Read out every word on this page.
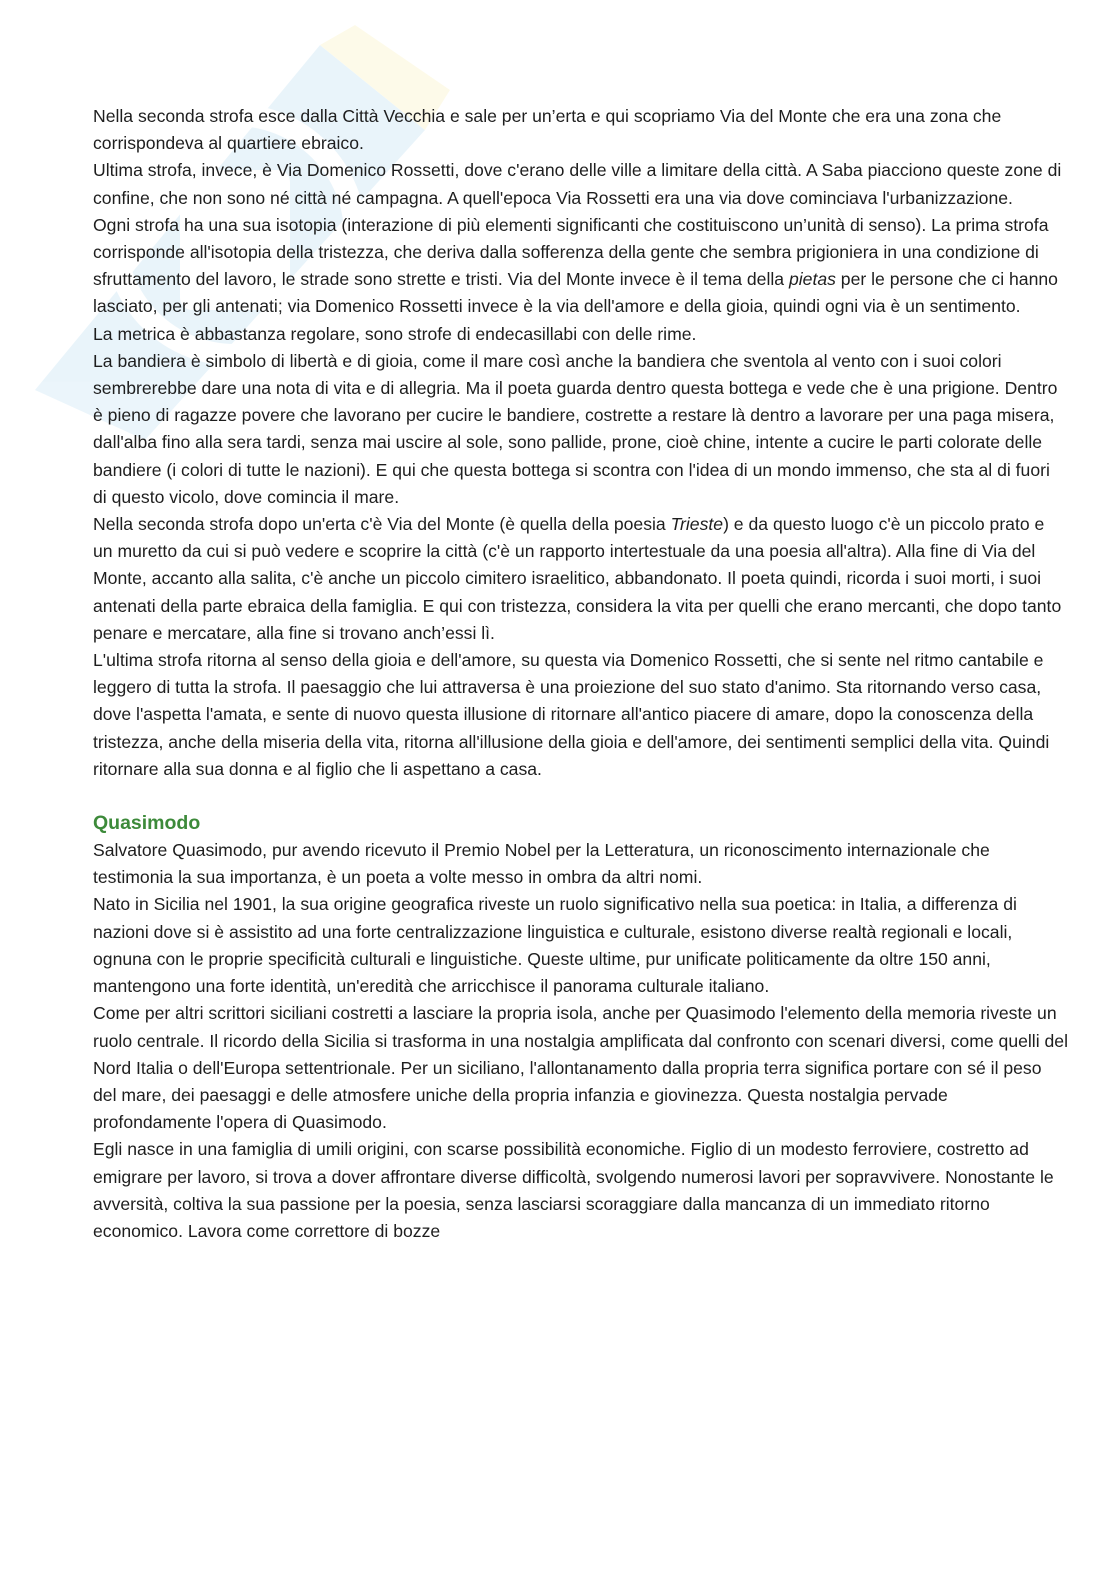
Nella seconda strofa esce dalla Città Vecchia e sale per un’erta e qui scopriamo Via del Monte che era una zona che corrispondeva al quartiere ebraico.

Ultima strofa, invece, è Via Domenico Rossetti, dove c'erano delle ville a limitare della città. A Saba piacciono queste zone di confine, che non sono né città né campagna. A quell'epoca Via Rossetti era una via dove cominciava l'urbanizzazione.

Ogni strofa ha una sua isotopia (interazione di più elementi significanti che costituiscono un’unità di senso). La prima strofa corrisponde all'isotopia della tristezza, che deriva dalla sofferenza della gente che sembra prigioniera in una condizione di sfruttamento del lavoro, le strade sono strette e tristi. Via del Monte invece è il tema della pietas per le persone che ci hanno lasciato, per gli antenati; via Domenico Rossetti invece è la via dell'amore e della gioia, quindi ogni via è un sentimento.

La metrica è abbastanza regolare, sono strofe di endecasillabi con delle rime.

La bandiera è simbolo di libertà e di gioia, come il mare così anche la bandiera che sventola al vento con i suoi colori sembrerebbe dare una nota di vita e di allegria. Ma il poeta guarda dentro questa bottega e vede che è una prigione. Dentro è pieno di ragazze povere che lavorano per cucire le bandiere, costrette a restare là dentro a lavorare per una paga misera, dall'alba fino alla sera tardi, senza mai uscire al sole, sono pallide, prone, cioè chine, intente a cucire le parti colorate delle bandiere (i colori di tutte le nazioni). E qui che questa bottega si scontra con l'idea di un mondo immenso, che sta al di fuori di questo vicolo, dove comincia il mare.

Nella seconda strofa dopo un'erta c'è Via del Monte (è quella della poesia Trieste) e da questo luogo c'è un piccolo prato e un muretto da cui si può vedere e scoprire la città (c'è un rapporto intertestuale da una poesia all'altra). Alla fine di Via del Monte, accanto alla salita, c'è anche un piccolo cimitero israelitico, abbandonato. Il poeta quindi, ricorda i suoi morti, i suoi antenati della parte ebraica della famiglia. E qui con tristezza, considera la vita per quelli che erano mercanti, che dopo tanto penare e mercatare, alla fine si trovano anch’essi lì.

L'ultima strofa ritorna al senso della gioia e dell'amore, su questa via Domenico Rossetti, che si sente nel ritmo cantabile e leggero di tutta la strofa. Il paesaggio che lui attraversa è una proiezione del suo stato d'animo. Sta ritornando verso casa, dove l'aspetta l'amata, e sente di nuovo questa illusione di ritornare all'antico piacere di amare, dopo la conoscenza della tristezza, anche della miseria della vita, ritorna all'illusione della gioia e dell'amore, dei sentimenti semplici della vita. Quindi ritornare alla sua donna e al figlio che li aspettano a casa.

Quasimodo

Salvatore Quasimodo, pur avendo ricevuto il Premio Nobel per la Letteratura, un riconoscimento internazionale che testimonia la sua importanza, è un poeta a volte messo in ombra da altri nomi.

Nato in Sicilia nel 1901, la sua origine geografica riveste un ruolo significativo nella sua poetica: in Italia, a differenza di nazioni dove si è assistito ad una forte centralizzazione linguistica e culturale, esistono diverse realtà regionali e locali, ognuna con le proprie specificità culturali e linguistiche. Queste ultime, pur unificate politicamente da oltre 150 anni, mantengono una forte identità, un'eredità che arricchisce il panorama culturale italiano.

Come per altri scrittori siciliani costretti a lasciare la propria isola, anche per Quasimodo l'elemento della memoria riveste un ruolo centrale. Il ricordo della Sicilia si trasforma in una nostalgia amplificata dal confronto con scenari diversi, come quelli del Nord Italia o dell'Europa settentrionale. Per un siciliano, l'allontanamento dalla propria terra significa portare con sé il peso del mare, dei paesaggi e delle atmosfere uniche della propria infanzia e giovinezza. Questa nostalgia pervade profondamente l'opera di Quasimodo.

Egli nasce in una famiglia di umili origini, con scarse possibilità economiche. Figlio di un modesto ferroviere, costretto ad emigrare per lavoro, si trova a dover affrontare diverse difficoltà, svolgendo numerosi lavori per sopravvivere. Nonostante le avversità, coltiva la sua passione per la poesia, senza lasciarsi scoraggiare dalla mancanza di un immediato ritorno economico. Lavora come correttore di bozze
